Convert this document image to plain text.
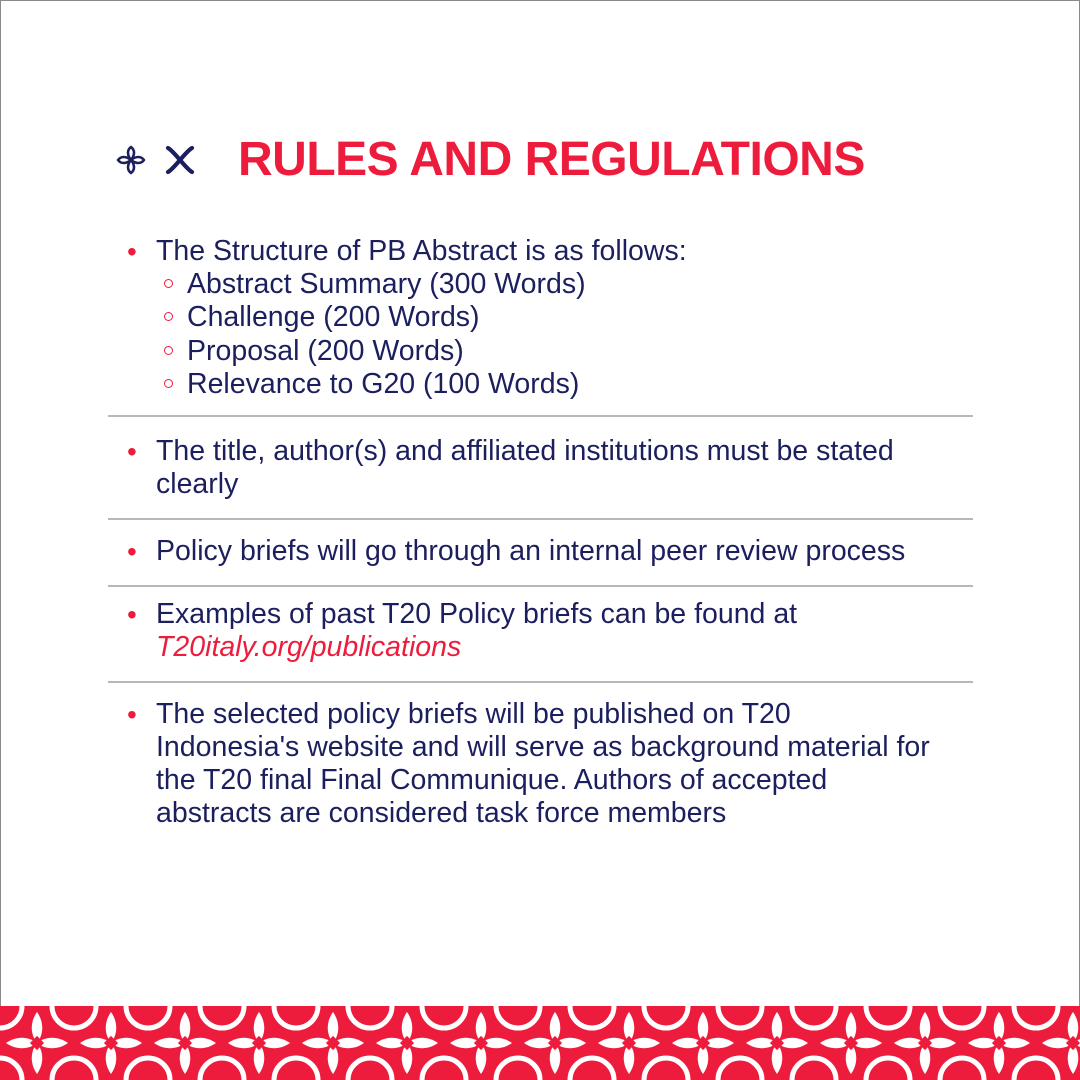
RULES AND REGULATIONS
• The Structure of PB Abstract is as follows:
Abstract Summary (300 Words)
Challenge (200 Words)
Proposal (200 Words)
Relevance to G20 (100 Words)
• The title, author(s) and affiliated institutions must be stated clearly
• Policy briefs will go through an internal peer review process
• Examples of past T20 Policy briefs can be found at
T20italy.org/publications
• The selected policy briefs will be published on T20 Indonesia's website and will serve as background material for the T20 final Final Communique. Authors of accepted abstracts are considered task force members
